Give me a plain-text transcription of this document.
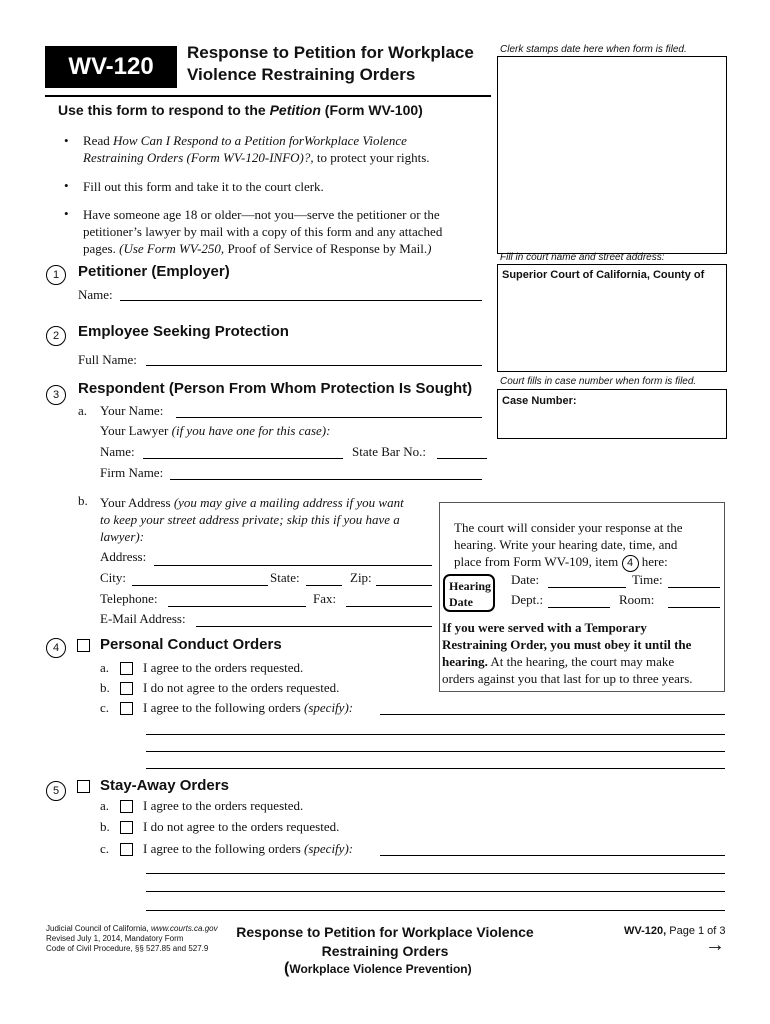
WV-120
Response to Petition for Workplace
Violence Restraining Orders
Clerk stamps date here when form is filed.
Fill in court name and street address:
Superior Court of California, County of
Court fills in case number when form is filed.
Case Number:
Use this form to respond to the Petition (Form WV-100)
• Read How Can I Respond to a Petition forWorkplace Violence
Restraining Orders (Form WV-120-INFO)?, to protect your rights.
• Fill out this form and take it to the court clerk.
• Have someone age 18 or older—not you—serve the petitioner or the
petitioner’s lawyer by mail with a copy of this form and any attached
pages. (Use Form WV-250, Proof of Service of Response by Mail.)
1	Petitioner (Employer)
Name:
2	Employee Seeking Protection
Full Name:
3	Respondent (Person From Whom Protection Is Sought)
a. Your Name:
Your Lawyer (if you have one for this case):
Name:	State Bar No.:
Firm Name:
b. Your Address (you may give a mailing address if you want
to keep your street address private; skip this if you have a
lawyer):
Address:
City:	State:	Zip:
Telephone:	Fax:
E-Mail Address:
The court will consider your response at the
hearing. Write your hearing date, time, and
place from Form WV-109, item 4 here:
Hearing
Date
Date:	Time:
Dept.:	Room:
If you were served with a Temporary
Restraining Order, you must obey it until the
hearing. At the hearing, the court may make
orders against you that last for up to three years.
4	Personal Conduct Orders
a.	I agree to the orders requested.
b.	I do not agree to the orders requested.
c.	I agree to the following orders (specify):
5	Stay-Away Orders
a.	I agree to the orders requested.
b.	I do not agree to the orders requested.
c.	I agree to the following orders (specify):
Judicial Council of California, www.courts.ca.gov
Revised July 1, 2014, Mandatory Form
Code of Civil Procedure, §§ 527.85 and 527.9
Response to Petition for Workplace Violence
Restraining Orders
(Workplace Violence Prevention)
WV-120, Page 1 of 3
→
